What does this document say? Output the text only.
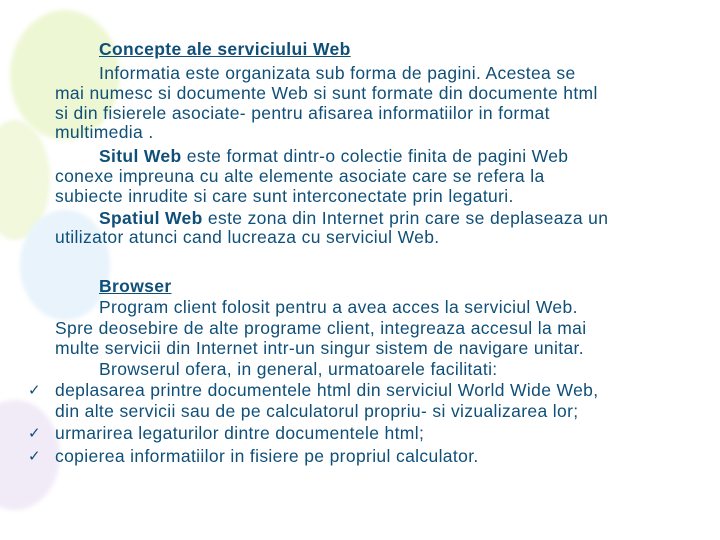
Concepte ale serviciului Web
Informatia este organizata sub forma de pagini. Acestea se
mai numesc si documente Web si sunt formate din documente html
si din fisierele asociate- pentru afisarea informatiilor in format
multimedia .
Situl Web este format dintr-o colectie finita de pagini Web
conexe impreuna cu alte elemente asociate care se refera la
subiecte inrudite si care sunt interconectate prin legaturi.
Spatiul Web este zona din Internet prin care se deplaseaza un
utilizator atunci cand lucreaza cu serviciul Web.
Browser
Program client folosit pentru a avea acces la serviciul Web.
Spre deosebire de alte programe client, integreaza accesul la mai
multe servicii din Internet intr-un singur sistem de navigare unitar.
Browserul ofera, in general, urmatoarele facilitati:
✓ deplasarea printre documentele html din serviciul World Wide Web,
din alte servicii sau de pe calculatorul propriu- si vizualizarea lor;
✓ urmarirea legaturilor dintre documentele html;
✓ copierea informatiilor in fisiere pe propriul calculator.
